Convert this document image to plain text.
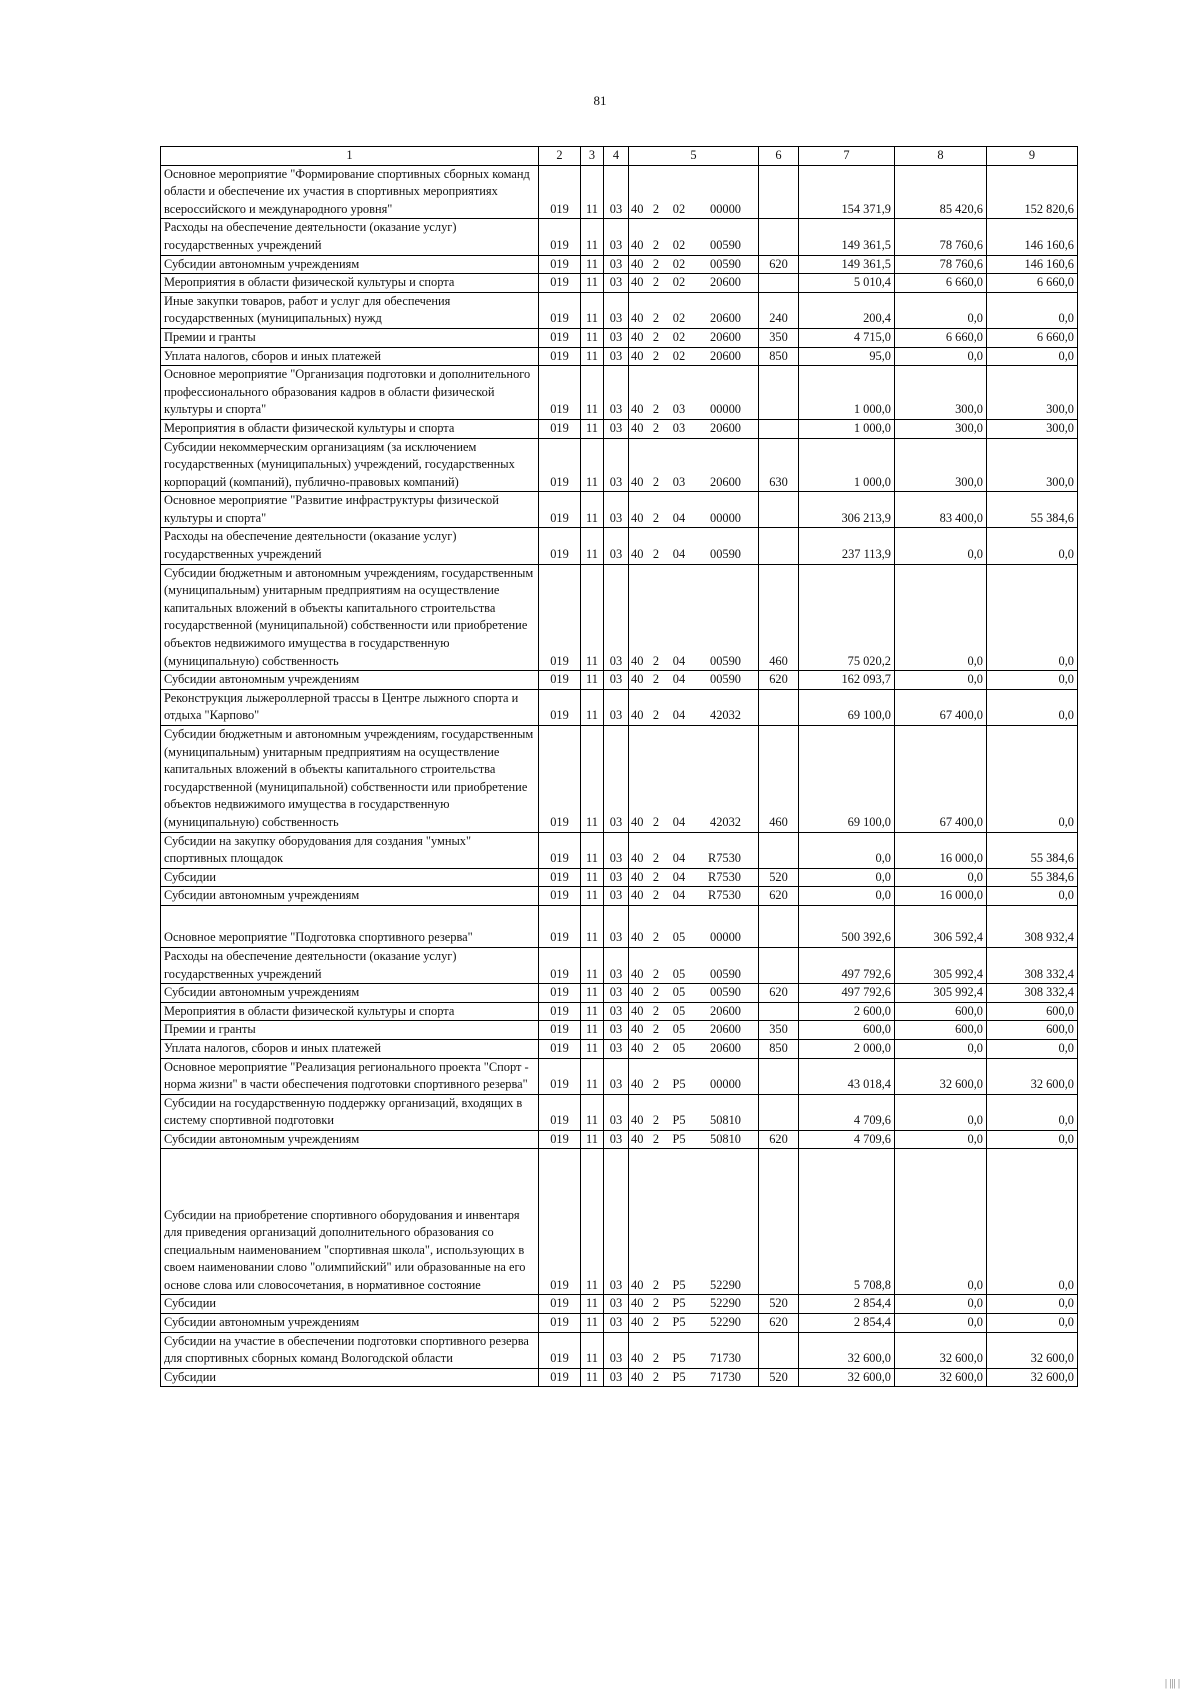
81
1	2	3	4	5	6	7	8	9
Основное мероприятие "Формирование спортивных сборных команд области и обеспечение их участия в спортивных мероприятиях всероссийского и международного уровня"	019	11	03	40 2 02 00000		154 371,9	85 420,6	152 820,6
Расходы на обеспечение деятельности (оказание услуг) государственных учреждений	019	11	03	40 2 02 00590		149 361,5	78 760,6	146 160,6
Субсидии автономным учреждениям	019	11	03	40 2 02 00590	620	149 361,5	78 760,6	146 160,6
Мероприятия в области физической культуры и спорта	019	11	03	40 2 02 20600		5 010,4	6 660,0	6 660,0
Иные закупки товаров, работ и услуг для обеспечения государственных (муниципальных) нужд	019	11	03	40 2 02 20600	240	200,4	0,0	0,0
Премии и гранты	019	11	03	40 2 02 20600	350	4 715,0	6 660,0	6 660,0
Уплата налогов, сборов и иных платежей	019	11	03	40 2 02 20600	850	95,0	0,0	0,0
Основное мероприятие "Организация подготовки и дополнительного профессионального образования кадров в области физической культуры и спорта"	019	11	03	40 2 03 00000		1 000,0	300,0	300,0
Мероприятия в области физической культуры и спорта	019	11	03	40 2 03 20600		1 000,0	300,0	300,0
Субсидии некоммерческим организациям (за исключением государственных (муниципальных) учреждений, государственных корпораций (компаний), публично-правовых компаний)	019	11	03	40 2 03 20600	630	1 000,0	300,0	300,0
Основное мероприятие "Развитие инфраструктуры физической культуры и спорта"	019	11	03	40 2 04 00000		306 213,9	83 400,0	55 384,6
Расходы на обеспечение деятельности (оказание услуг) государственных учреждений	019	11	03	40 2 04 00590		237 113,9	0,0	0,0
Субсидии бюджетным и автономным учреждениям, государственным (муниципальным) унитарным предприятиям на осуществление капитальных вложений в объекты капитального строительства государственной (муниципальной) собственности или приобретение объектов недвижимого имущества в государственную (муниципальную) собственность	019	11	03	40 2 04 00590	460	75 020,2	0,0	0,0
Субсидии автономным учреждениям	019	11	03	40 2 04 00590	620	162 093,7	0,0	0,0
Реконструкция лыжероллерной трассы в Центре лыжного спорта и отдыха "Карпово"	019	11	03	40 2 04 42032		69 100,0	67 400,0	0,0
Субсидии бюджетным и автономным учреждениям, государственным (муниципальным) унитарным предприятиям на осуществление капитальных вложений в объекты капитального строительства государственной (муниципальной) собственности или приобретение объектов недвижимого имущества в государственную (муниципальную) собственность	019	11	03	40 2 04 42032	460	69 100,0	67 400,0	0,0
Субсидии на закупку оборудования для создания "умных" спортивных площадок	019	11	03	40 2 04 R7530		0,0	16 000,0	55 384,6
Субсидии	019	11	03	40 2 04 R7530	520	0,0	0,0	55 384,6
Субсидии автономным учреждениям	019	11	03	40 2 04 R7530	620	0,0	16 000,0	0,0
Основное мероприятие "Подготовка спортивного резерва"	019	11	03	40 2 05 00000		500 392,6	306 592,4	308 932,4
Расходы на обеспечение деятельности (оказание услуг) государственных учреждений	019	11	03	40 2 05 00590		497 792,6	305 992,4	308 332,4
Субсидии автономным учреждениям	019	11	03	40 2 05 00590	620	497 792,6	305 992,4	308 332,4
Мероприятия в области физической культуры и спорта	019	11	03	40 2 05 20600		2 600,0	600,0	600,0
Премии и гранты	019	11	03	40 2 05 20600	350	600,0	600,0	600,0
Уплата налогов, сборов и иных платежей	019	11	03	40 2 05 20600	850	2 000,0	0,0	0,0
Основное мероприятие "Реализация регионального проекта "Спорт - норма жизни" в части обеспечения подготовки спортивного резерва"	019	11	03	40 2 P5 00000		43 018,4	32 600,0	32 600,0
Субсидии на государственную поддержку организаций, входящих в систему спортивной подготовки	019	11	03	40 2 P5 50810		4 709,6	0,0	0,0
Субсидии автономным учреждениям	019	11	03	40 2 P5 50810	620	4 709,6	0,0	0,0
Субсидии на приобретение спортивного оборудования и инвентаря для приведения организаций дополнительного образования со специальным наименованием "спортивная школа", использующих в своем наименовании слово "олимпийский" или образованные на его основе слова или словосочетания, в нормативное состояние	019	11	03	40 2 P5 52290		5 708,8	0,0	0,0
Субсидии	019	11	03	40 2 P5 52290	520	2 854,4	0,0	0,0
Субсидии автономным учреждениям	019	11	03	40 2 P5 52290	620	2 854,4	0,0	0,0
Субсидии на участие в обеспечении подготовки спортивного резерва для спортивных сборных команд Вологодской области	019	11	03	40 2 P5 71730		32 600,0	32 600,0	32 600,0
Субсидии	019	11	03	40 2 P5 71730	520	32 600,0	32 600,0	32 600,0
| ||| |
